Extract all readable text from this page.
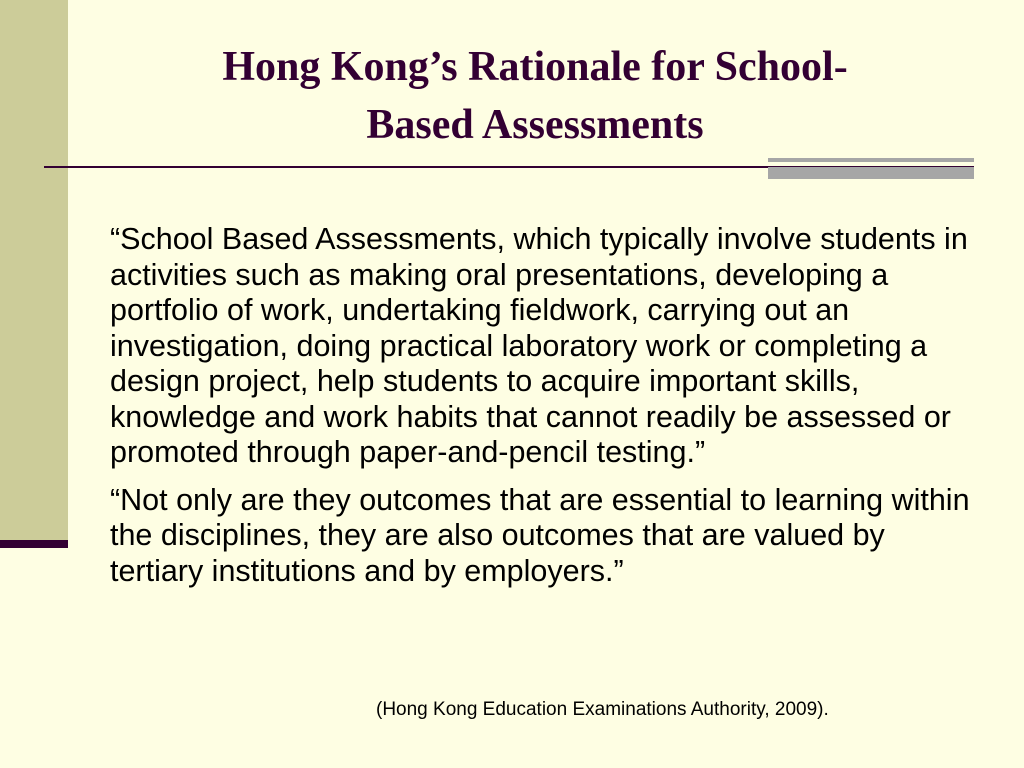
Hong Kong’s Rationale for School-
Based Assessments

“School Based Assessments, which typically involve students in activities such as making oral presentations, developing a portfolio of work, undertaking fieldwork, carrying out an investigation, doing practical laboratory work or completing a design project, help students to acquire important skills, knowledge and work habits that cannot readily be assessed or promoted through paper-and-pencil testing.”

“Not only are they outcomes that are essential to learning within the disciplines, they are also outcomes that are valued by tertiary institutions and by employers.”

(Hong Kong Education Examinations Authority, 2009).
